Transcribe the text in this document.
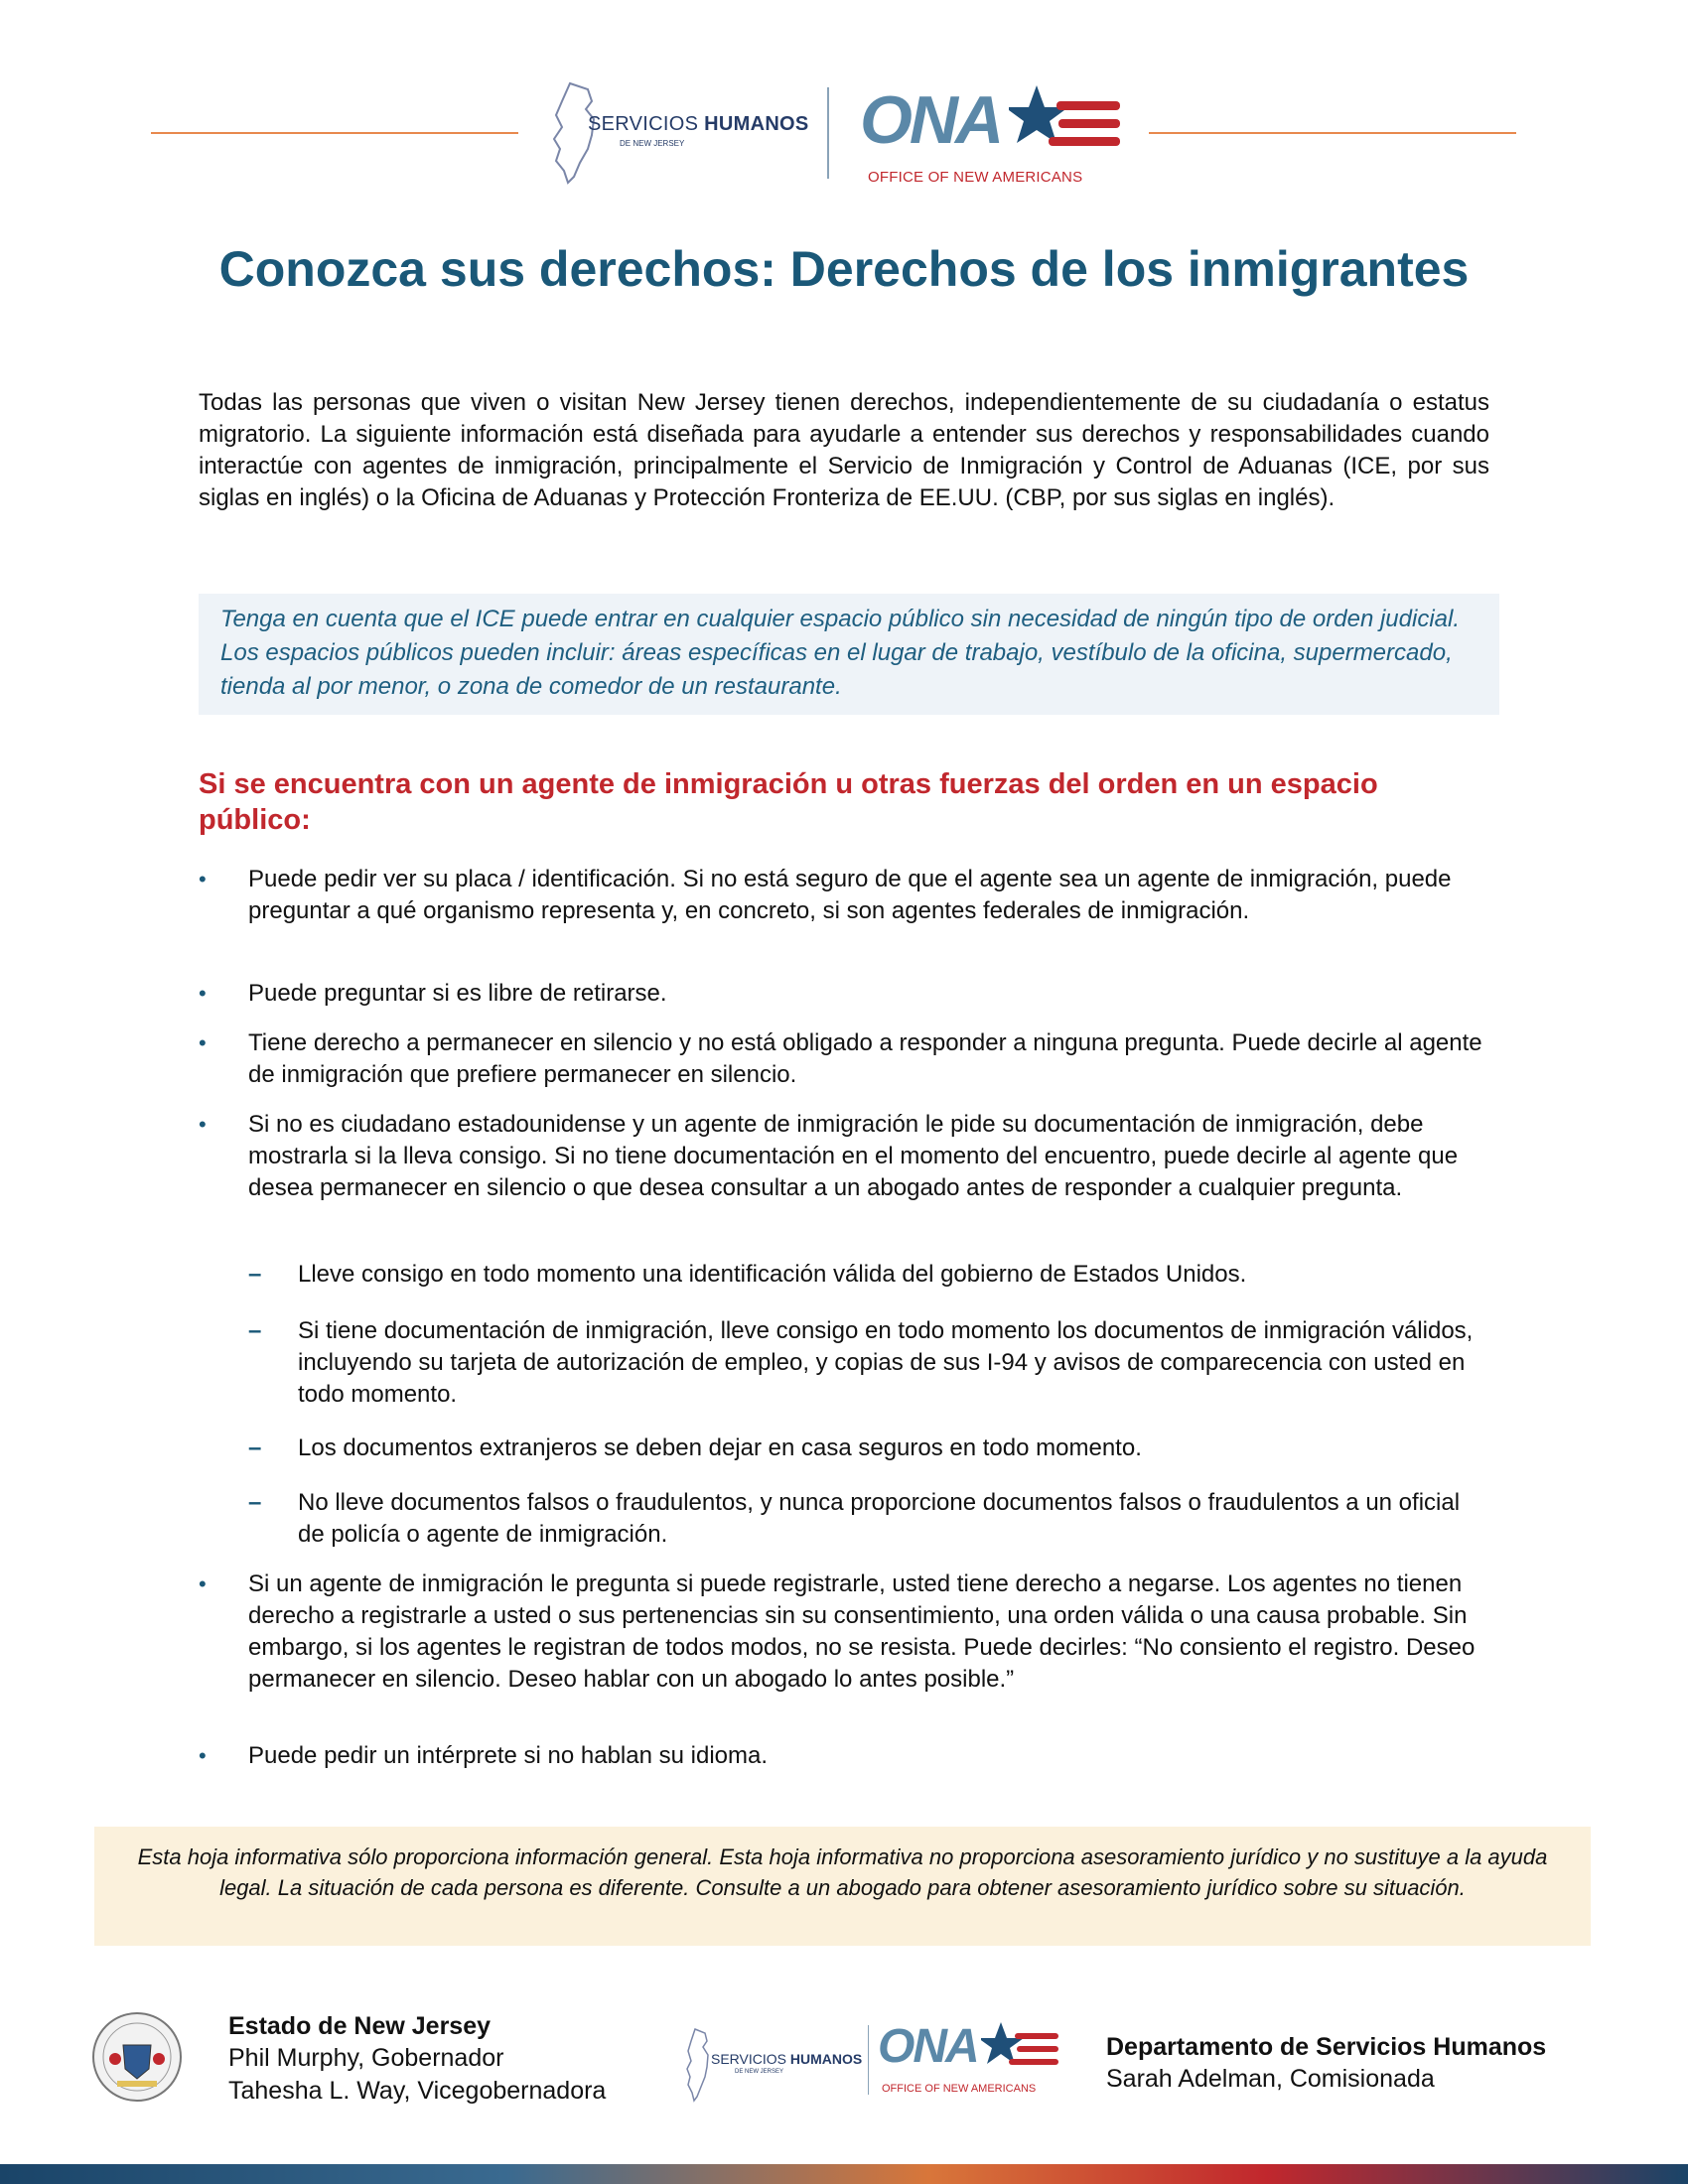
SERVICIOS HUMANOS
DE NEW JERSEY	ONA
OFFICE OF NEW AMERICANS
Conozca sus derechos: Derechos de los inmigrantes

Todas las personas que viven o visitan New Jersey tienen derechos, independientemente de su ciudadanía o estatus migratorio. La siguiente información está diseñada para ayudarle a entender sus derechos y responsabilidades cuando interactúe con agentes de inmigración, principalmente el Servicio de Inmigración y Control de Aduanas (ICE, por sus siglas en inglés) o la Oficina de Aduanas y Protección Fronteriza de EE.UU. (CBP, por sus siglas en inglés).

Tenga en cuenta que el ICE puede entrar en cualquier espacio público sin necesidad de ningún tipo de orden judicial. Los espacios públicos pueden incluir: áreas específicas en el lugar de trabajo, vestíbulo de la oficina, supermercado, tienda al por menor, o zona de comedor de un restaurante.

Si se encuentra con un agente de inmigración u otras fuerzas del orden en un espacio público:
• Puede pedir ver su placa / identificación. Si no está seguro de que el agente sea un agente de inmigración, puede preguntar a qué organismo representa y, en concreto, si son agentes federales de inmigración.
• Puede preguntar si es libre de retirarse.
• Tiene derecho a permanecer en silencio y no está obligado a responder a ninguna pregunta. Puede decirle al agente de inmigración que prefiere permanecer en silencio.
• Si no es ciudadano estadounidense y un agente de inmigración le pide su documentación de inmigración, debe mostrarla si la lleva consigo. Si no tiene documentación en el momento del encuentro, puede decirle al agente que desea permanecer en silencio o que desea consultar a un abogado antes de responder a cualquier pregunta.
– Lleve consigo en todo momento una identificación válida del gobierno de Estados Unidos.
– Si tiene documentación de inmigración, lleve consigo en todo momento los documentos de inmigración válidos, incluyendo su tarjeta de autorización de empleo, y copias de sus I-94 y avisos de comparecencia con usted en todo momento.
– Los documentos extranjeros se deben dejar en casa seguros en todo momento.
– No lleve documentos falsos o fraudulentos, y nunca proporcione documentos falsos o fraudulentos a un oficial de policía o agente de inmigración.
• Si un agente de inmigración le pregunta si puede registrarle, usted tiene derecho a negarse. Los agentes no tienen derecho a registrarle a usted o sus pertenencias sin su consentimiento, una orden válida o una causa probable. Sin embargo, si los agentes le registran de todos modos, no se resista. Puede decirles: “No consiento el registro. Deseo permanecer en silencio. Deseo hablar con un abogado lo antes posible.”
• Puede pedir un intérprete si no hablan su idioma.

Esta hoja informativa sólo proporciona información general. Esta hoja informativa no proporciona asesoramiento jurídico y no sustituye a la ayuda legal. La situación de cada persona es diferente. Consulte a un abogado para obtener asesoramiento jurídico sobre su situación.

Estado de New Jersey
Phil Murphy, Gobernador
Tahesha L. Way, Vicegobernadora
SERVICIOS HUMANOS
DE NEW JERSEY ONA
OFFICE OF NEW AMERICANS
Departamento de Servicios Humanos
Sarah Adelman, Comisionada
